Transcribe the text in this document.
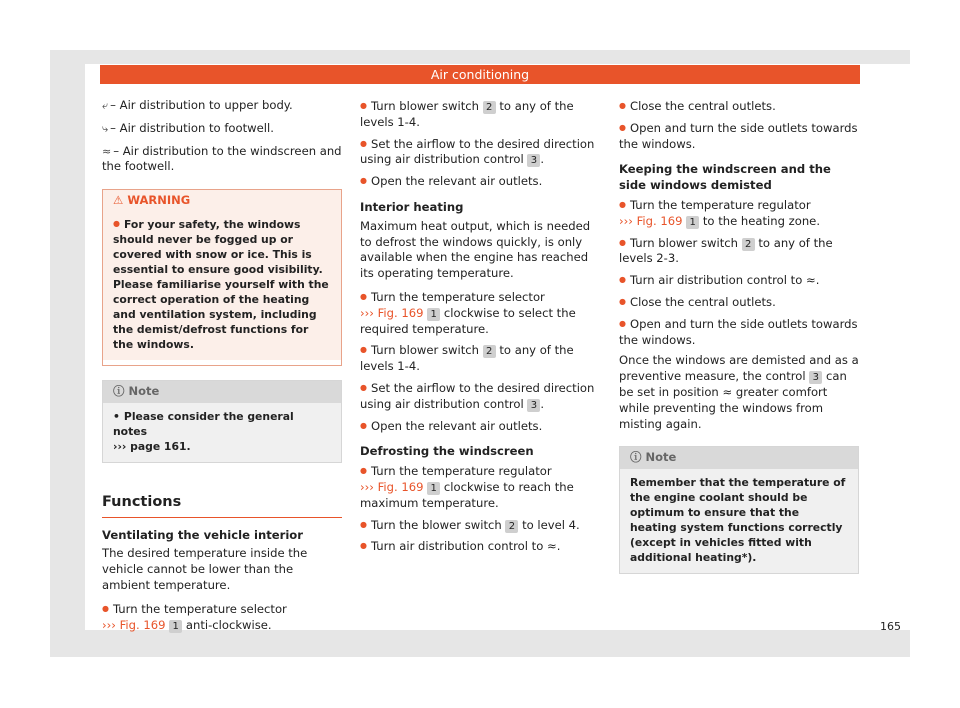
Air conditioning

⤶ – Air distribution to upper body.

⤷ – Air distribution to footwell.

≈ – Air distribution to the windscreen and the footwell.

⚠ WARNING
● For your safety, the windows should never be fogged up or covered with snow or ice. This is essential to ensure good visibility. Please familiarise yourself with the correct operation of the heating and ventilation system, including the demist/defrost functions for the windows.
ⓘ Note
• Please consider the general notes
››› page 161.
Functions

Ventilating the vehicle interior

The desired temperature inside the vehicle cannot be lower than the ambient temperature.

● Turn the temperature selector
››› Fig. 169 1 anti-clockwise.

● Turn blower switch 2 to any of the levels 1-4.

● Set the airflow to the desired direction using air distribution control 3 .

● Open the relevant air outlets.

Interior heating

Maximum heat output, which is needed to defrost the windows quickly, is only available when the engine has reached its operating temperature.

● Turn the temperature selector
››› Fig. 169 1 clockwise to select the required temperature.

● Turn blower switch 2 to any of the levels 1-4.

● Set the airflow to the desired direction using air distribution control 3 .

● Open the relevant air outlets.

Defrosting the windscreen

● Turn the temperature regulator
››› Fig. 169 1 clockwise to reach the maximum temperature.

● Turn the blower switch 2 to level 4.

● Turn air distribution control to ≈.

● Close the central outlets.

● Open and turn the side outlets towards the windows.

Keeping the windscreen and the side windows demisted

● Turn the temperature regulator
››› Fig. 169 1 to the heating zone.

● Turn blower switch 2 to any of the levels 2-3.

● Turn air distribution control to ≈.

● Close the central outlets.

● Open and turn the side outlets towards the windows.

Once the windows are demisted and as a preventive measure, the control 3 can be set in position ≈ greater comfort while preventing the windows from misting again.

ⓘ Note
Remember that the temperature of the engine coolant should be optimum to ensure that the heating system functions correctly (except in vehicles fitted with additional heating*).
165
